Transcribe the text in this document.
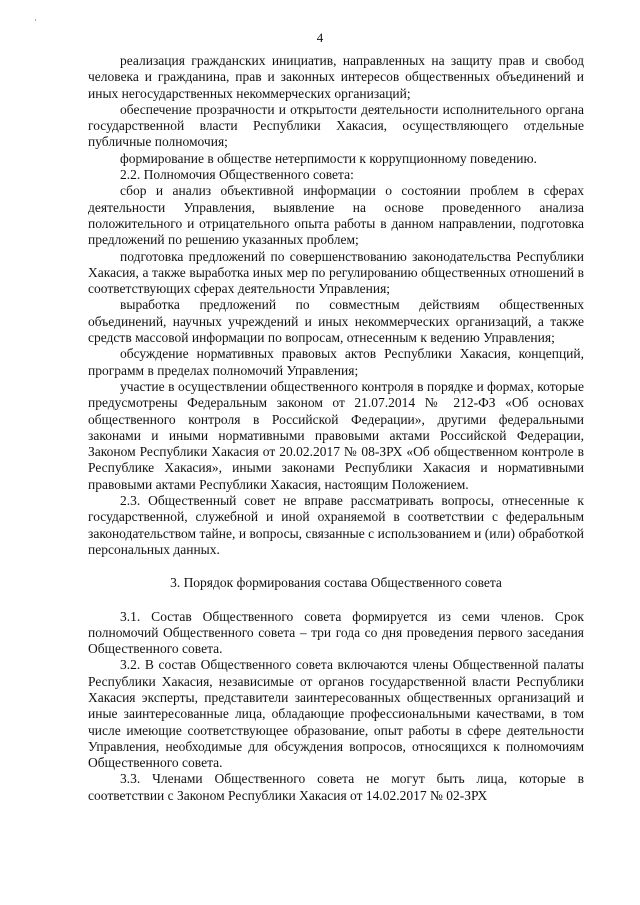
·
4

реализация гражданских инициатив, направленных на защиту прав и свобод человека и гражданина, прав и законных интересов общественных объединений и иных негосударственных некоммерческих организаций;

обеспечение прозрачности и открытости деятельности исполнительного органа государственной власти Республики Хакасия, осуществляющего отдельные публичные полномочия;

формирование в обществе нетерпимости к коррупционному поведению.

2.2. Полномочия Общественного совета:

сбор и анализ объективной информации о состоянии проблем в сферах деятельности Управления, выявление на основе проведенного анализа положительного и отрицательного опыта работы в данном направлении, подготовка предложений по решению указанных проблем;

подготовка предложений по совершенствованию законодательства Республики Хакасия, а также выработка иных мер по регулированию общественных отношений в соответствующих сферах деятельности Управления;

выработка предложений по совместным действиям общественных объединений, научных учреждений и иных некоммерческих организаций, а также средств массовой информации по вопросам, отнесенным к ведению Управления;

обсуждение нормативных правовых актов Республики Хакасия, концепций, программ в пределах полномочий Управления;

участие в осуществлении общественного контроля в порядке и формах, которые предусмотрены Федеральным законом от 21.07.2014 № 212-ФЗ «Об основах общественного контроля в Российской Федерации», другими федеральными законами и иными нормативными правовыми актами Российской Федерации, Законом Республики Хакасия от 20.02.2017 № 08-ЗРХ «Об общественном контроле в Республике Хакасия», иными законами Республики Хакасия и нормативными правовыми актами Республики Хакасия, настоящим Положением.

2.3. Общественный совет не вправе рассматривать вопросы, отнесенные к государственной, служебной и иной охраняемой в соответствии с федеральным законодательством тайне, и вопросы, связанные с использованием и (или) обработкой персональных данных.

3. Порядок формирования состава Общественного совета

3.1. Состав Общественного совета формируется из семи членов. Срок полномочий Общественного совета – три года со дня проведения первого заседания Общественного совета.

3.2. В состав Общественного совета включаются члены Общественной палаты Республики Хакасия, независимые от органов государственной власти Республики Хакасия эксперты, представители заинтересованных общественных организаций и иные заинтересованные лица, обладающие профессиональными качествами, в том числе имеющие соответствующее образование, опыт работы в сфере деятельности Управления, необходимые для обсуждения вопросов, относящихся к полномочиям Общественного совета.

3.3. Членами Общественного совета не могут быть лица, которые в соответствии с Законом Республики Хакасия от 14.02.2017 № 02-ЗРХ
